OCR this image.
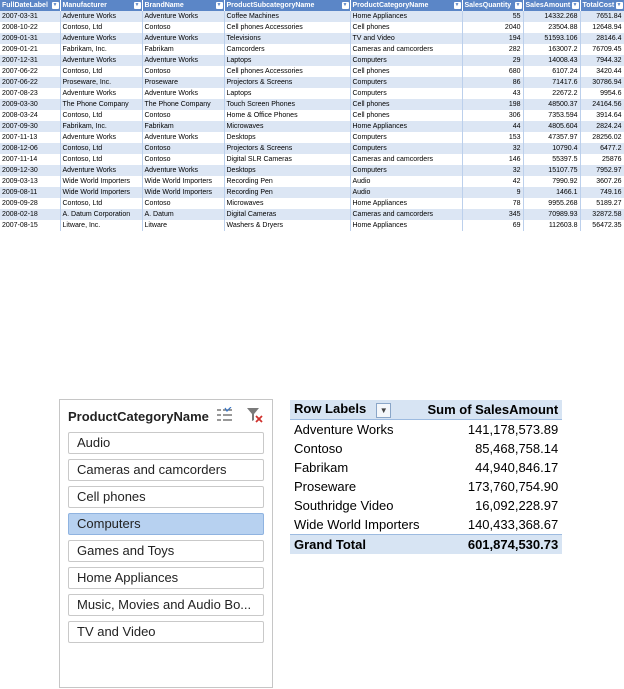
FullDateLabel ▼	Manufacturer ▼	BrandName ▼	ProductSubcategoryName ▼	ProductCategoryName ▼	SalesQuantity ▼	SalesAmount ▼	TotalCost ▼

2007-03-31	Adventure Works	Adventure Works	Coffee Machines	Home Appliances	55	14332.268	7651.84
2008-10-22	Contoso, Ltd	Contoso	Cell phones Accessories	Cell phones	2040	23504.88	12648.94
2009-01-31	Adventure Works	Adventure Works	Televisions	TV and Video	194	51593.106	28146.4
2009-01-21	Fabrikam, Inc.	Fabrikam	Camcorders	Cameras and camcorders	282	163007.2	76709.45
2007-12-31	Adventure Works	Adventure Works	Laptops	Computers	29	14008.43	7944.32
2007-06-22	Contoso, Ltd	Contoso	Cell phones Accessories	Cell phones	680	6107.24	3420.44
2007-06-22	Proseware, Inc.	Proseware	Projectors & Screens	Computers	86	71417.6	30786.94
2007-08-23	Adventure Works	Adventure Works	Laptops	Computers	43	22672.2	9954.6
2009-03-30	The Phone Company	The Phone Company	Touch Screen Phones	Cell phones	198	48500.37	24164.56
2008-03-24	Contoso, Ltd	Contoso	Home & Office Phones	Cell phones	306	7353.594	3914.64
2007-09-30	Fabrikam, Inc.	Fabrikam	Microwaves	Home Appliances	44	4805.604	2824.24
2007-11-13	Adventure Works	Adventure Works	Desktops	Computers	153	47357.97	28256.02
2008-12-06	Contoso, Ltd	Contoso	Projectors & Screens	Computers	32	10790.4	6477.2
2007-11-14	Contoso, Ltd	Contoso	Digital SLR Cameras	Cameras and camcorders	146	55397.5	25876
2009-12-30	Adventure Works	Adventure Works	Desktops	Computers	32	15107.75	7952.97
2009-03-13	Wide World Importers	Wide World Importers	Recording Pen	Audio	42	7990.92	3607.26
2009-08-11	Wide World Importers	Wide World Importers	Recording Pen	Audio	9	1466.1	749.16
2009-09-28	Contoso, Ltd	Contoso	Microwaves	Home Appliances	78	9955.268	5189.27
2008-02-18	A. Datum Corporation	A. Datum	Digital Cameras	Cameras and camcorders	345	70989.93	32872.58
2007-08-15	Litware, Inc.	Litware	Washers & Dryers	Home Appliances	69	112603.8	56472.35
ProductCategoryName
Audio
Cameras and camcorders
Cell phones
Computers
Games and Toys
Home Appliances
Music, Movies and Audio Bo...
TV and Video
Row Labels ▼	Sum of SalesAmount
Adventure Works	141,178,573.89
Contoso	85,468,758.14
Fabrikam	44,940,846.17
Proseware	173,760,754.90
Southridge Video	16,092,228.97
Wide World Importers	140,433,368.67
Grand Total	601,874,530.73
